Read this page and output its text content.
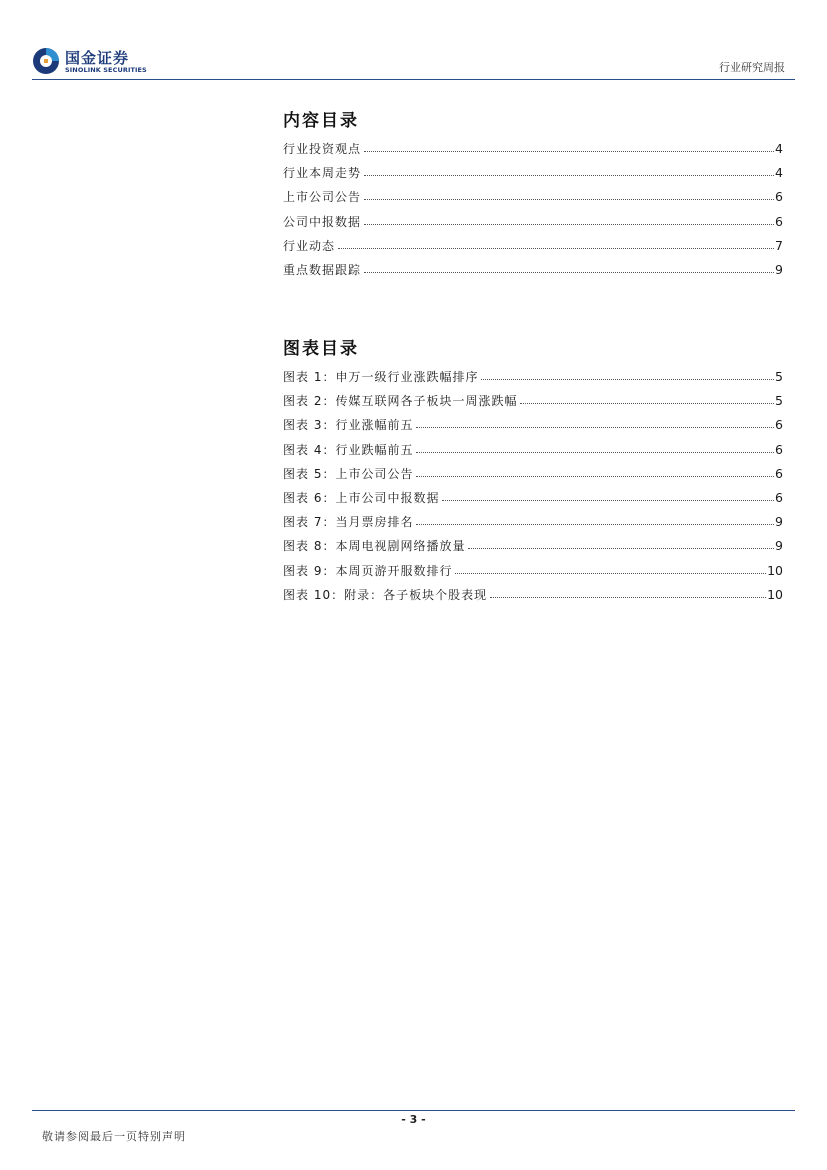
国金证券
SINOLINK SECURITIES	行业研究周报
内容目录
行业投资观点	4
行业本周走势	4
上市公司公告	6
公司中报数据	6
行业动态	7
重点数据跟踪	9
图表目录
图表 1：申万一级行业涨跌幅排序	5
图表 2：传媒互联网各子板块一周涨跌幅	5
图表 3：行业涨幅前五	6
图表 4：行业跌幅前五	6
图表 5：上市公司公告	6
图表 6：上市公司中报数据	6
图表 7：当月票房排名	9
图表 8：本周电视剧网络播放量	9
图表 9：本周页游开服数排行	10
图表 10：附录：各子板块个股表现	10
- 3 -
敬请参阅最后一页特别声明
